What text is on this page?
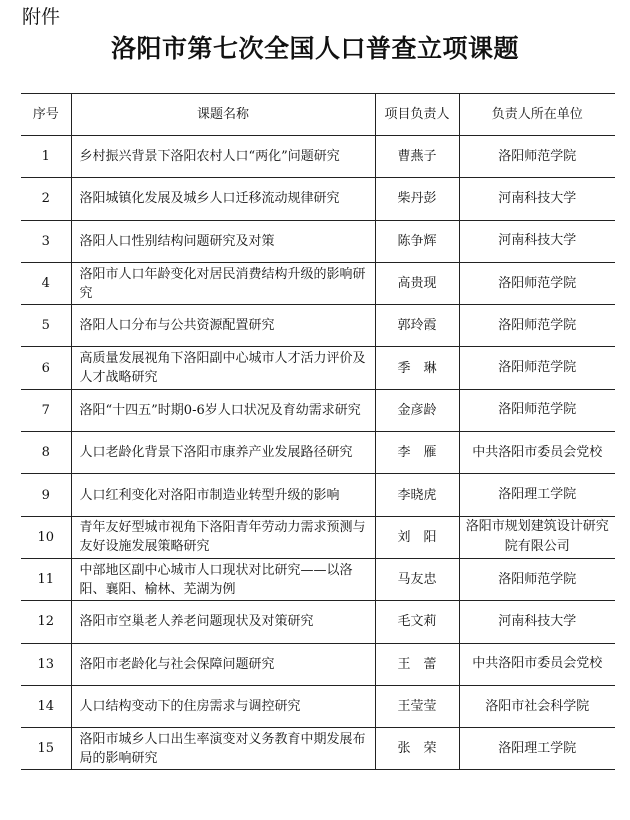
附件
洛阳市第七次全国人口普查立项课题
序号	课题名称	项目负责人	负责人所在单位
1	乡村振兴背景下洛阳农村人口“两化”问题研究	曹燕子	洛阳师范学院
2	洛阳城镇化发展及城乡人口迁移流动规律研究	柴丹彭	河南科技大学
3	洛阳人口性别结构问题研究及对策	陈争辉	河南科技大学
4	洛阳市人口年龄变化对居民消费结构升级的影响研究	高贵现	洛阳师范学院
5	洛阳人口分布与公共资源配置研究	郭玲霞	洛阳师范学院
6	高质量发展视角下洛阳副中心城市人才活力评价及人才战略研究	季　琳	洛阳师范学院
7	洛阳“十四五”时期0-6岁人口状况及育幼需求研究	金彦龄	洛阳师范学院
8	人口老龄化背景下洛阳市康养产业发展路径研究	李　雁	中共洛阳市委员会党校
9	人口红利变化对洛阳市制造业转型升级的影响	李晓虎	洛阳理工学院
10	青年友好型城市视角下洛阳青年劳动力需求预测与友好设施发展策略研究	刘　阳	洛阳市规划建筑设计研究院有限公司
11	中部地区副中心城市人口现状对比研究——以洛阳、襄阳、榆林、芜湖为例	马友忠	洛阳师范学院
12	洛阳市空巢老人养老问题现状及对策研究	毛文莉	河南科技大学
13	洛阳市老龄化与社会保障问题研究	王　蕾	中共洛阳市委员会党校
14	人口结构变动下的住房需求与调控研究	王莹莹	洛阳市社会科学院
15	洛阳市城乡人口出生率演变对义务教育中期发展布局的影响研究	张　荣	洛阳理工学院
